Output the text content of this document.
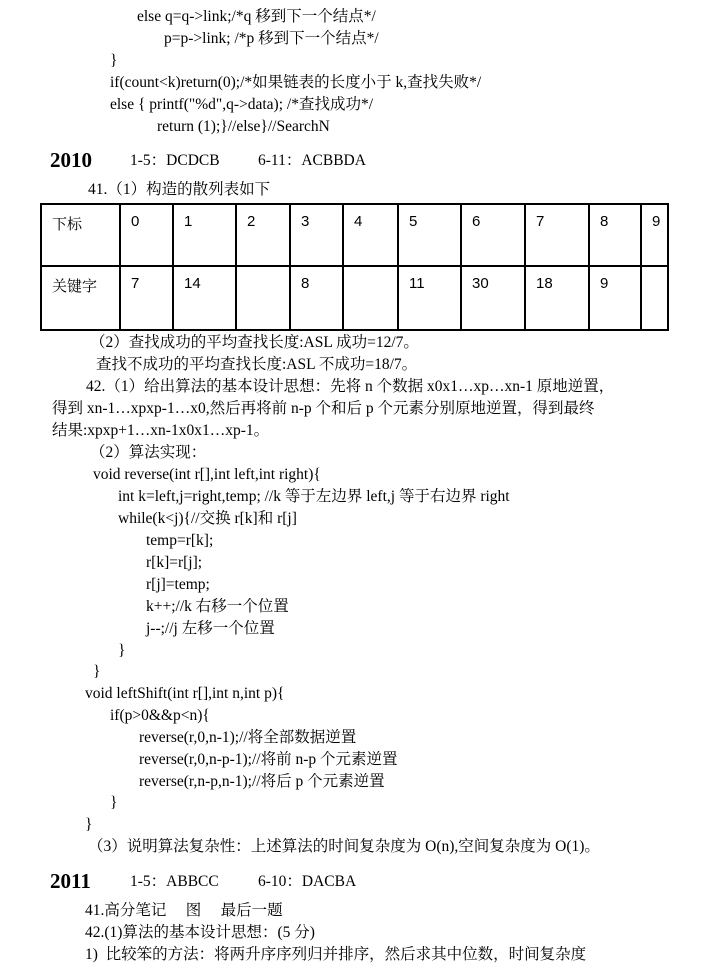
else q=q->link;/*q 移到下一个结点*/
p=p->link; /*p 移到下一个结点*/
}
if(count<k)return(0);/*如果链表的长度小于 k,查找失败*/
else { printf("%d",q->data); /*查找成功*/
return (1);}//else}//SearchN
2010 1-5：DCDCB 6-11：ACBBDA
41.（1）构造的散列表如下
下标	0	1	2	3	4	5	6	7	8	9
关键字	7	14		8		11	30	18	9	
（2）查找成功的平均查找长度:ASL 成功=12/7。
查找不成功的平均查找长度:ASL 不成功=18/7。
42.（1）给出算法的基本设计思想：先将 n 个数据 x0x1…xp…xn-1 原地逆置，
得到 xn-1…xpxp-1…x0,然后再将前 n-p 个和后 p 个元素分别原地逆置，得到最终
结果:xpxp+1…xn-1x0x1…xp-1。
（2）算法实现：
void reverse(int r[],int left,int right){
int k=left,j=right,temp; //k 等于左边界 left,j 等于右边界 right
while(k<j){//交换 r[k]和 r[j]
temp=r[k];
r[k]=r[j];
r[j]=temp;
k++;//k 右移一个位置
j--;//j 左移一个位置
}
}
void leftShift(int r[],int n,int p){
if(p>0&&p<n){
reverse(r,0,n-1);//将全部数据逆置
reverse(r,0,n-p-1);//将前 n-p 个元素逆置
reverse(r,n-p,n-1);//将后 p 个元素逆置
}
}
（3）说明算法复杂性：上述算法的时间复杂度为 O(n),空间复杂度为 O(1)。
2011	1-5：ABBCC	6-10：DACBA
41.高分笔记　 图　 最后一题
42.(1)算法的基本设计思想：(5 分)
1)  比较笨的方法：将两升序序列归并排序，然后求其中位数，时间复杂度
